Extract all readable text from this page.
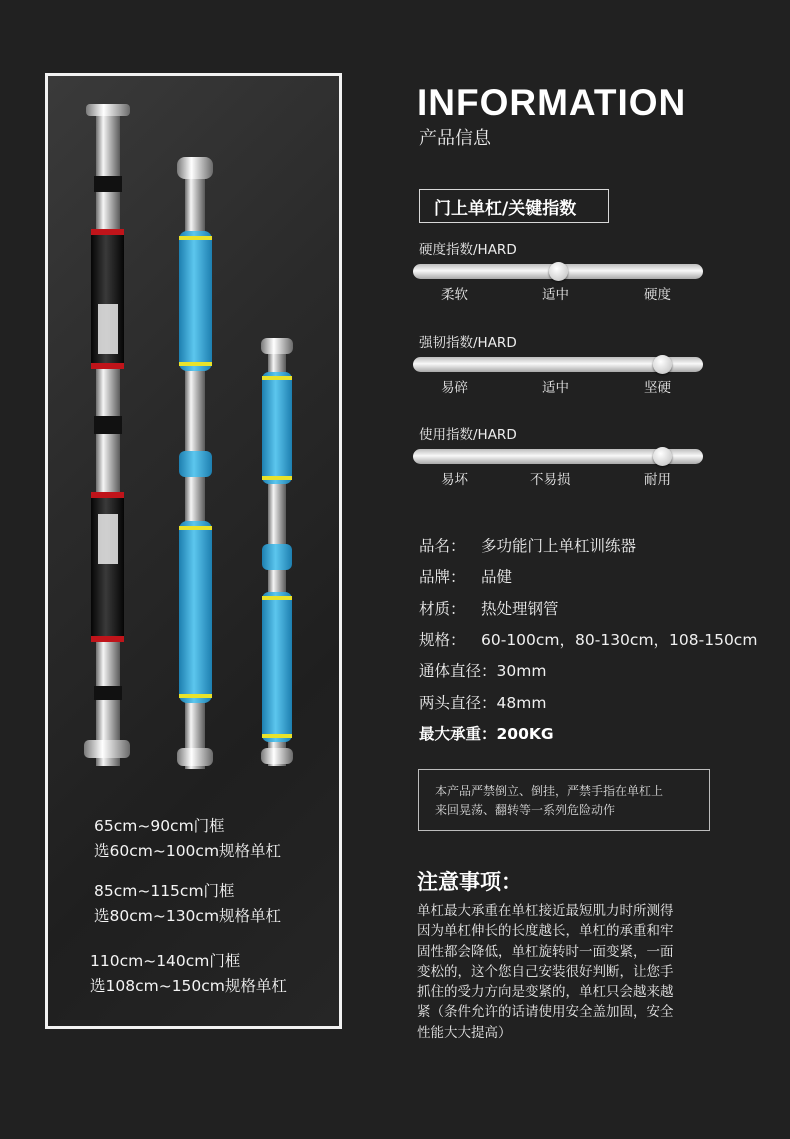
65cm~90cm门框
选60cm~100cm规格单杠
85cm~115cm门框
选80cm~130cm规格单杠
110cm~140cm门框
选108cm~150cm规格单杠
INFORMATION
产品信息
门上单杠/关键指数
硬度指数/HARD
柔软	适中	硬度
强韧指数/HARD
易碎	适中	坚硬
使用指数/HARD
易坏	不易损	耐用
品名： 多功能门上单杠训练器
品牌： 品健
材质： 热处理钢管
规格： 60-100cm，80-130cm，108-150cm
通体直径：30mm
两头直径：48mm
最大承重：200KG
本产品严禁倒立、倒挂，严禁手指在单杠上
来回晃荡、翻转等一系列危险动作
注意事项：
单杠最大承重在单杠接近最短肌力时所测得
因为单杠伸长的长度越长，单杠的承重和牢
固性都会降低，单杠旋转时一面变紧，一面
变松的，这个您自己安装很好判断，让您手
抓住的受力方向是变紧的，单杠只会越来越
紧（条件允许的话请使用安全盖加固，安全
性能大大提高）
